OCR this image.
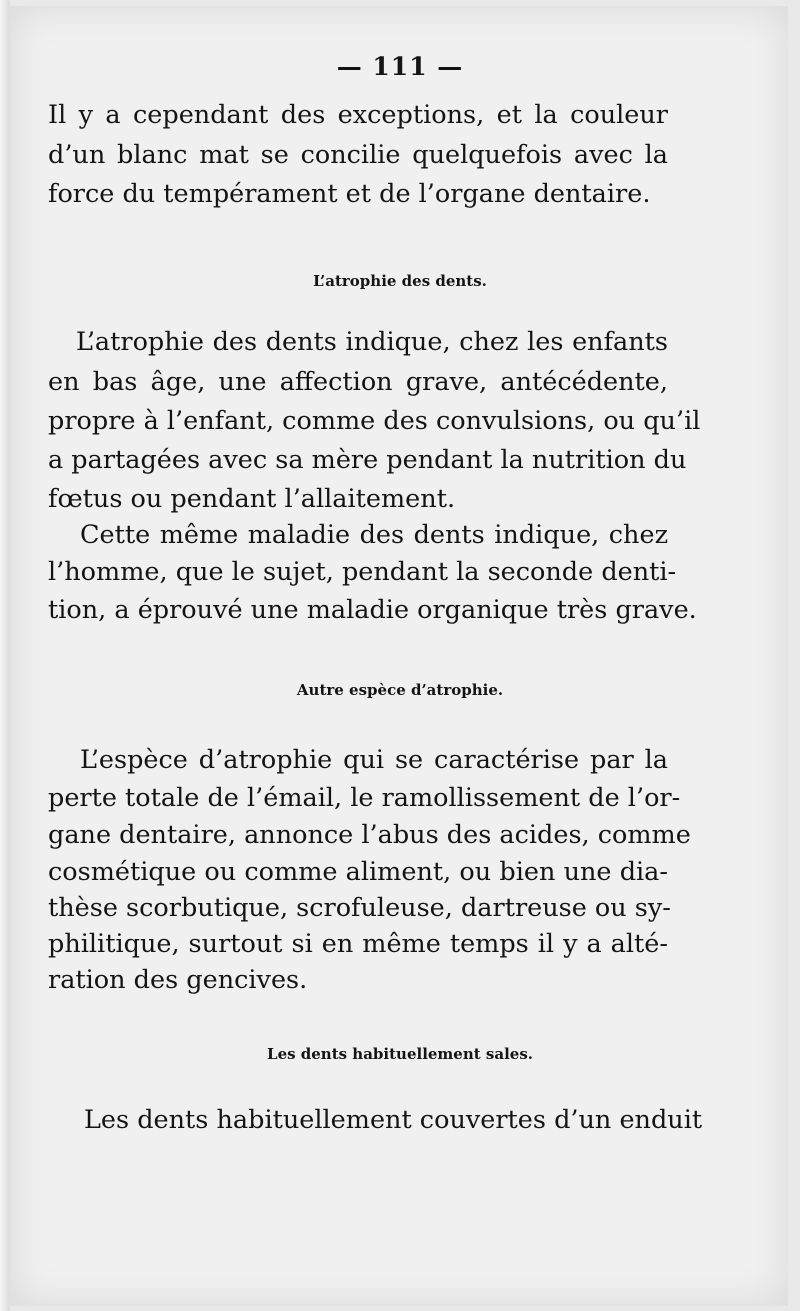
— 111 —
Il y a cependant des exceptions, et la couleur
d’un blanc mat se concilie quelquefois avec la
force du tempérament et de l’organe dentaire.
L’atrophie des dents.
L’atrophie des dents indique, chez les enfants
en bas âge, une affection grave, antécédente,
propre à l’enfant, comme des convulsions, ou qu’il
a partagées avec sa mère pendant la nutrition du
fœtus ou pendant l’allaitement.
Cette même maladie des dents indique, chez
l’homme, que le sujet, pendant la seconde denti-
tion, a éprouvé une maladie organique très grave.
Autre espèce d’atrophie.
L’espèce d’atrophie qui se caractérise par la
perte totale de l’émail, le ramollissement de l’or-
gane dentaire, annonce l’abus des acides, comme
cosmétique ou comme aliment, ou bien une dia-
thèse scorbutique, scrofuleuse, dartreuse ou sy-
philitique, surtout si en même temps il y a alté-
ration des gencives.
Les dents habituellement sales.
Les dents habituellement couvertes d’un enduit
